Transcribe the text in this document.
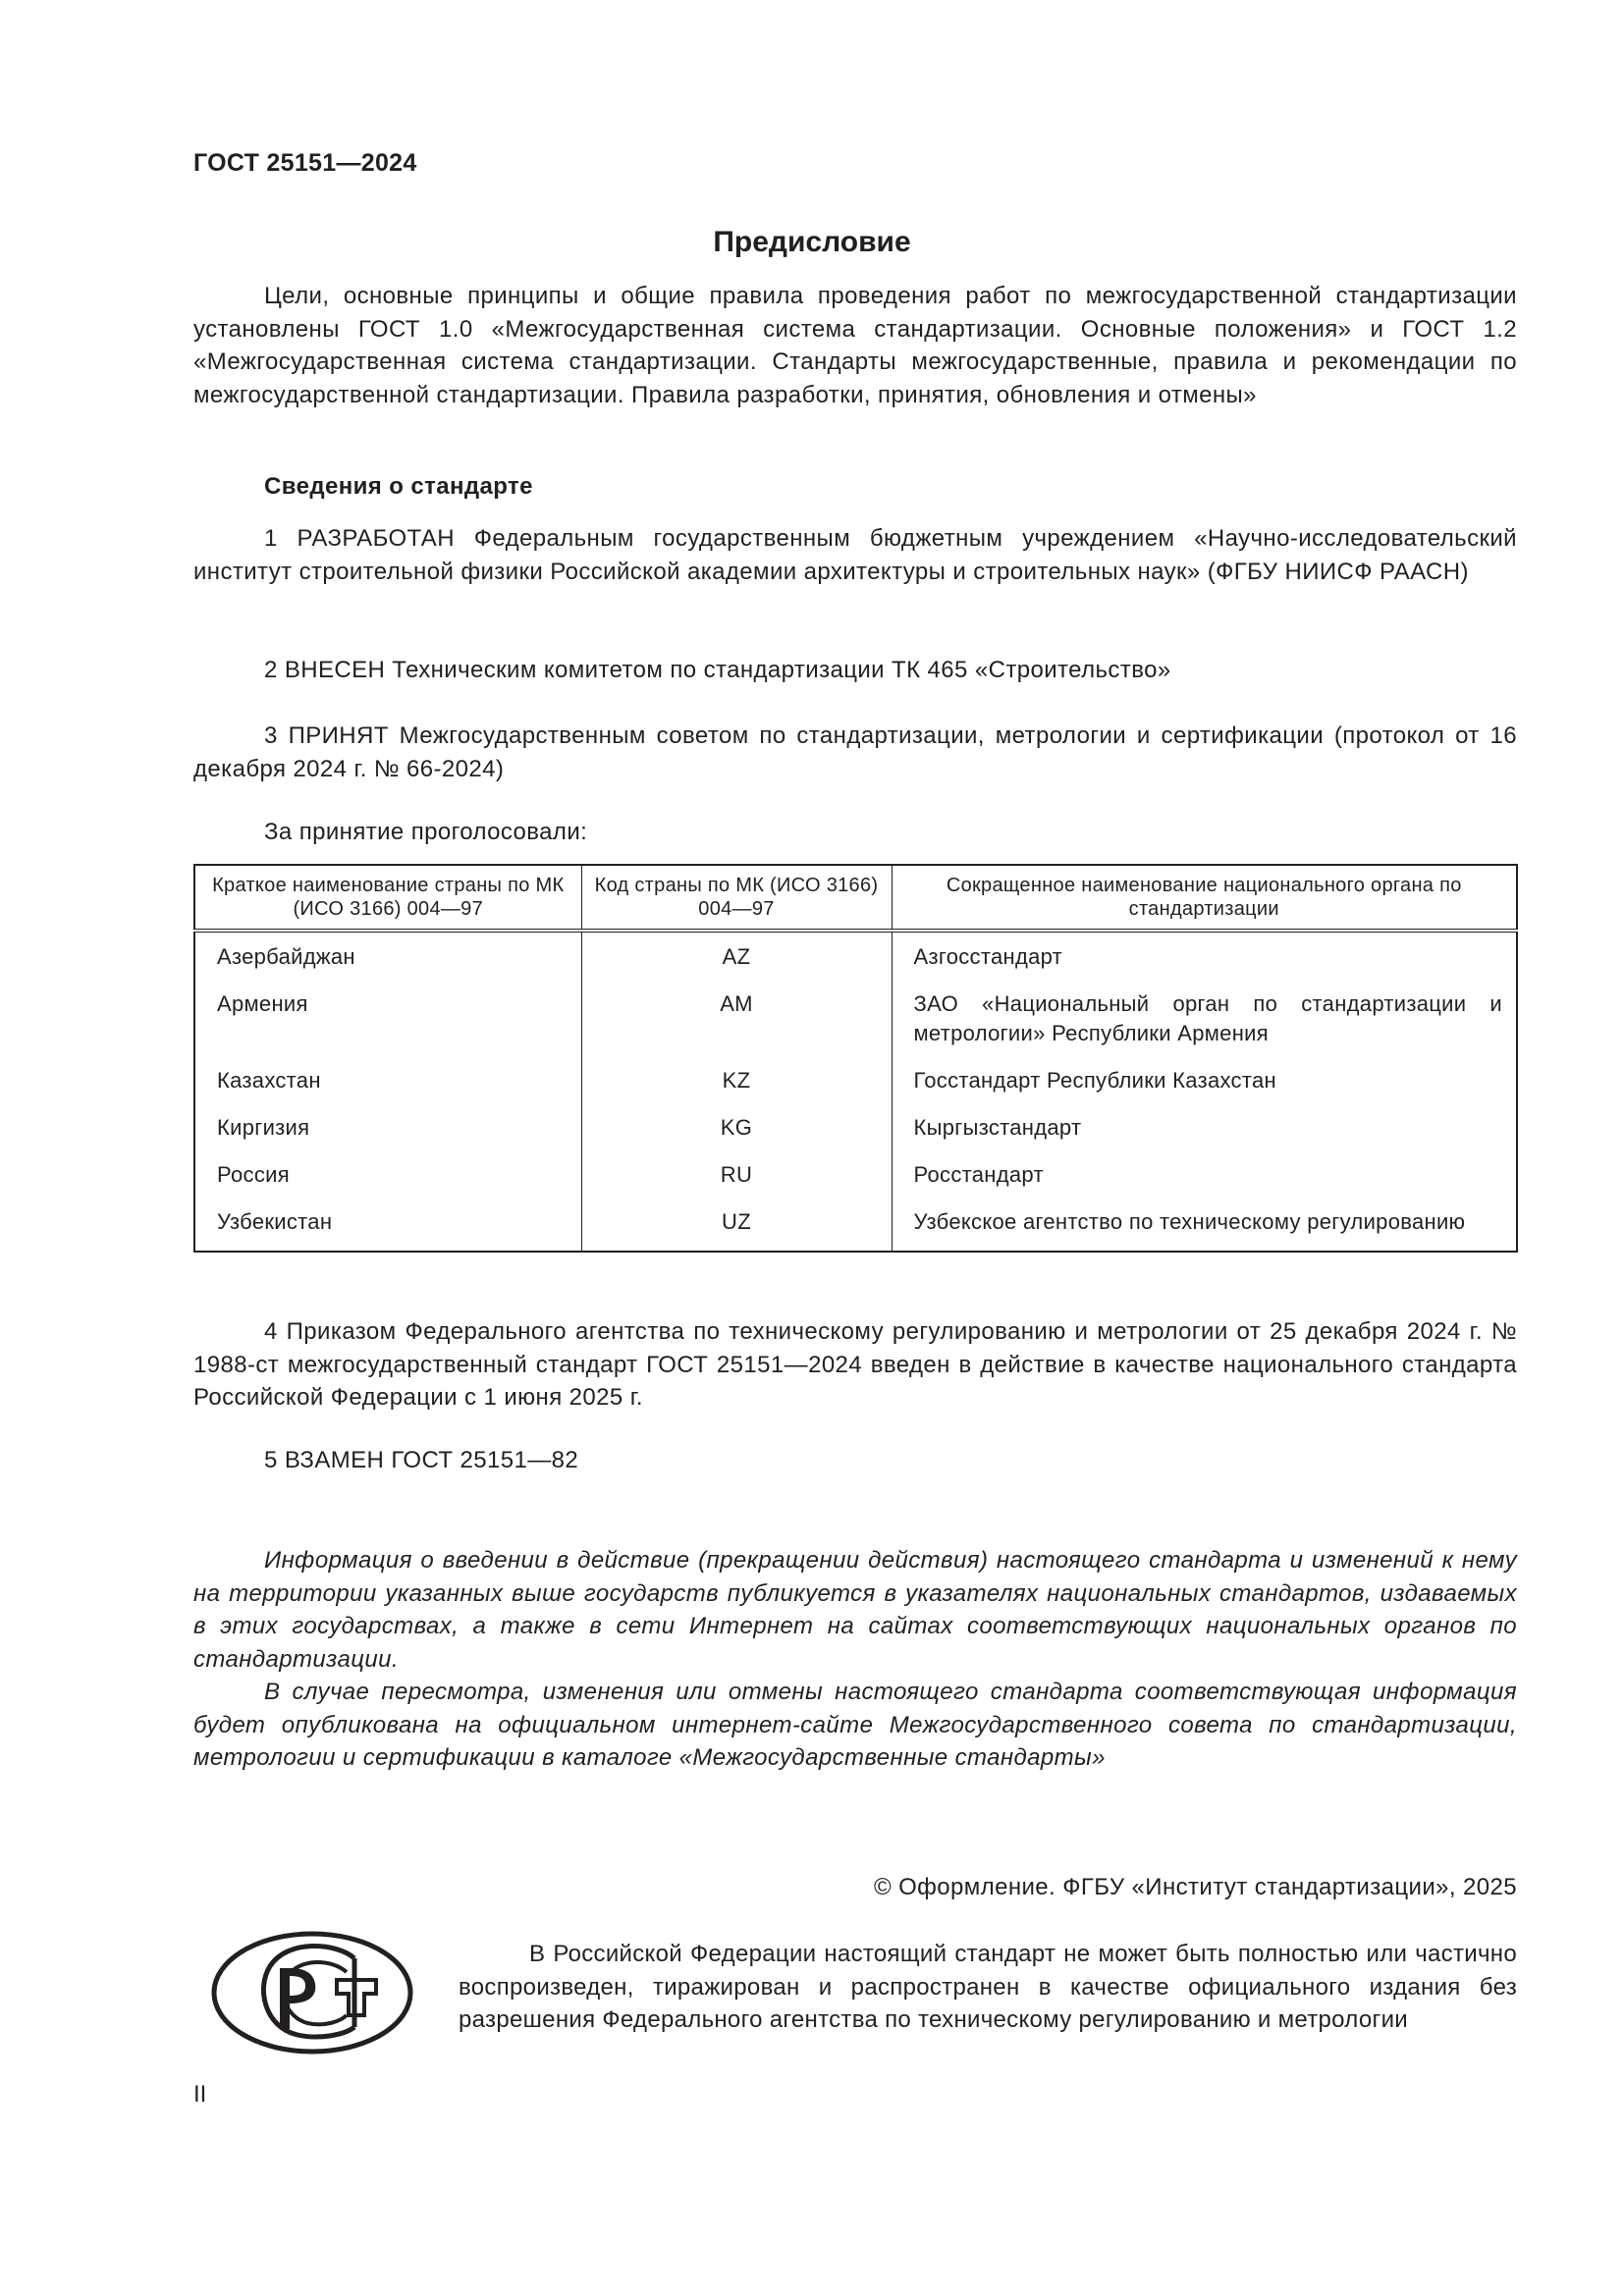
ГОСТ 25151—2024
Предисловие
Цели, основные принципы и общие правила проведения работ по межгосударственной стандартизации установлены ГОСТ 1.0 «Межгосударственная система стандартизации. Основные положения» и ГОСТ 1.2 «Межгосударственная система стандартизации. Стандарты межгосударственные, правила и рекомендации по межгосударственной стандартизации. Правила разработки, принятия, обновления и отмены»
Сведения о стандарте
1 РАЗРАБОТАН Федеральным государственным бюджетным учреждением «Научно-исследовательский институт строительной физики Российской академии архитектуры и строительных наук» (ФГБУ НИИСФ РААСН)
2 ВНЕСЕН Техническим комитетом по стандартизации ТК 465 «Строительство»
3 ПРИНЯТ Межгосударственным советом по стандартизации, метрологии и сертификации (протокол от 16 декабря 2024 г. № 66-2024)
За принятие проголосовали:
Краткое наименование страны по МК (ИСО 3166) 004—97	Код страны по МК (ИСО 3166) 004—97	Сокращенное наименование национального органа по стандартизации
Азербайджан	AZ	Азгосстандарт
Армения	AM	ЗАО «Национальный орган по стандартизации и метрологии» Республики Армения
Казахстан	KZ	Госстандарт Республики Казахстан
Киргизия	KG	Кыргызстандарт
Россия	RU	Росстандарт
Узбекистан	UZ	Узбекское агентство по техническому регулированию
4 Приказом Федерального агентства по техническому регулированию и метрологии от 25 декабря 2024 г. № 1988-ст межгосударственный стандарт ГОСТ 25151—2024 введен в действие в качестве национального стандарта Российской Федерации с 1 июня 2025 г.
5 ВЗАМЕН ГОСТ 25151—82
Информация о введении в действие (прекращении действия) настоящего стандарта и изменений к нему на территории указанных выше государств публикуется в указателях национальных стандартов, издаваемых в этих государствах, а также в сети Интернет на сайтах соответствующих национальных органов по стандартизации.
В случае пересмотра, изменения или отмены настоящего стандарта соответствующая информация будет опубликована на официальном интернет-сайте Межгосударственного совета по стандартизации, метрологии и сертификации в каталоге «Межгосударственные стандарты»
© Оформление. ФГБУ «Институт стандартизации», 2025
В Российской Федерации настоящий стандарт не может быть полностью или частично воспроизведен, тиражирован и распространен в качестве официального издания без разрешения Федерального агентства по техническому регулированию и метрологии
II
